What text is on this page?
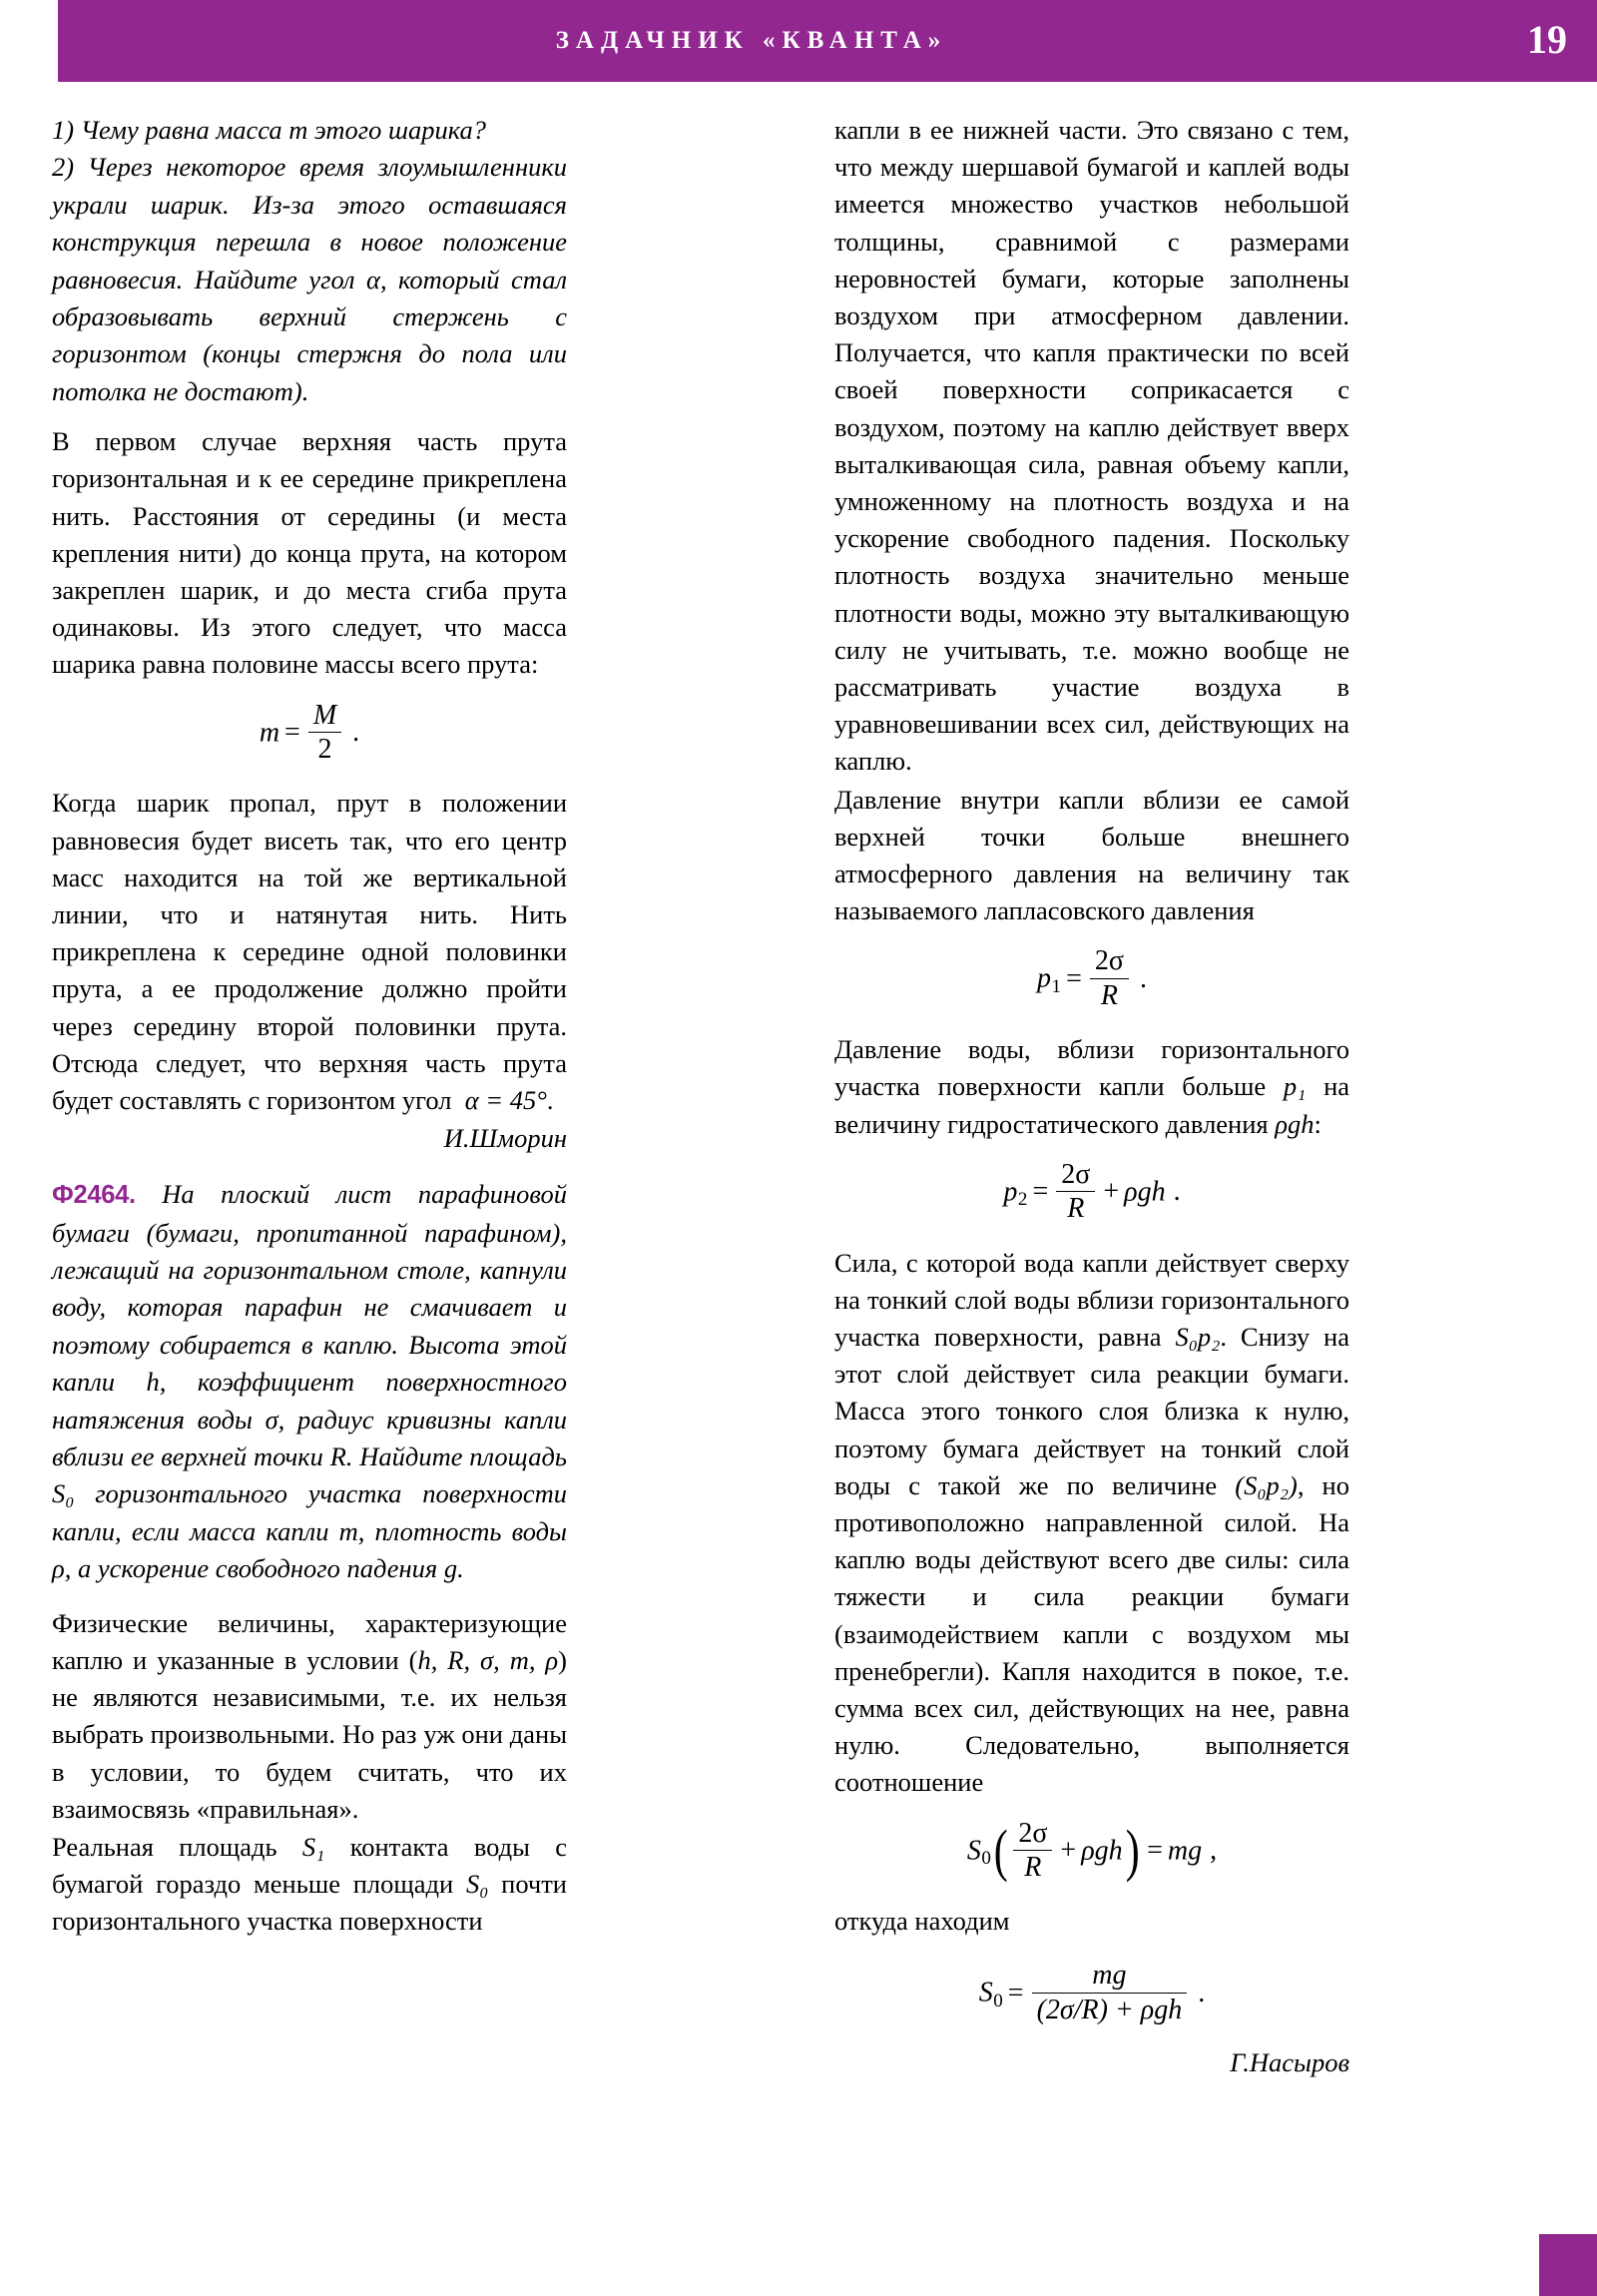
ЗАДАЧНИК «КВАНТА»	19

1) Чему равна масса m этого шарика?

2) Через некоторое время злоумышленники украли шарик. Из-за этого оставшаяся конструкция перешла в новое положение равновесия. Найдите угол α, который стал образовывать верхний стержень с горизонтом (концы стержня до пола или потолка не достают).

В первом случае верхняя часть прута горизонтальная и к ее середине прикреплена нить. Расстояния от середины (и места крепления нити) до конца прута, на котором закреплен шарик, и до места сгиба прута одинаковы. Из этого следует, что масса шарика равна половине массы всего прута:

$m = \frac{M}{2}$ .

Когда шарик пропал, прут в положении равновесия будет висеть так, что его центр масс находится на той же вертикальной линии, что и натянутая нить. Нить прикреплена к середине одной половинки прута, а ее продолжение должно пройти через середину второй половинки прута. Отсюда следует, что верхняя часть прута будет составлять с горизонтом угол α = 45°.

И.Шморин

Ф2464. На плоский лист парафиновой бумаги (бумаги, пропитанной парафином), лежащий на горизонтальном столе, капнули воду, которая парафин не смачивает и поэтому собирается в каплю. Высота этой капли h, коэффициент поверхностного натяжения воды σ, радиус кривизны капли вблизи ее верхней точки R. Найдите площадь S₀ горизонтального участка поверхности капли, если масса капли m, плотность воды ρ, а ускорение свободного падения g.

Физические величины, характеризующие каплю и указанные в условии (h, R, σ, m, ρ) не являются независимыми, т.е. их нельзя выбрать произвольными. Но раз уж они даны в условии, то будем считать, что их взаимосвязь «правильная».

Реальная площадь S₁ контакта воды с бумагой гораздо меньше площади S₀ почти горизонтального участка поверхности

капли в ее нижней части. Это связано с тем, что между шершавой бумагой и каплей воды имеется множество участков небольшой толщины, сравнимой с размерами неровностей бумаги, которые заполнены воздухом при атмосферном давлении. Получается, что капля практически по всей своей поверхности соприкасается с воздухом, поэтому на каплю действует вверх выталкивающая сила, равная объему капли, умноженному на плотность воздуха и на ускорение свободного падения. Поскольку плотность воздуха значительно меньше плотности воды, можно эту выталкивающую силу не учитывать, т.е. можно вообще не рассматривать участие воздуха в уравновешивании всех сил, действующих на каплю.

Давление внутри капли вблизи ее самой верхней точки больше внешнего атмосферного давления на величину так называемого лапласовского давления

$p_1 = \frac{2\sigma}{R}$ .

Давление воды, вблизи горизонтального участка поверхности капли больше p₁ на величину гидростатического давления ρgh:

$p_2 = \frac{2\sigma}{R} + \rho gh$ .

Сила, с которой вода капли действует сверху на тонкий слой воды вблизи горизонтального участка поверхности, равна S₀p₂. Снизу на этот слой действует сила реакции бумаги. Масса этого тонкого слоя близка к нулю, поэтому бумага действует на тонкий слой воды с такой же по величине (S₀p₂), но противоположно направленной силой. На каплю воды действуют всего две силы: сила тяжести и сила реакции бумаги (взаимодействием капли с воздухом мы пренебрегли). Капля находится в покое, т.е. сумма всех сил, действующих на нее, равна нулю. Следовательно, выполняется соотношение

$S_0( \frac{2\sigma}{R} + \rho gh)$ = mg ,

откуда находим

$S_0 = \frac{mg}{\text{(2σ/R) + ρgh}}$ .

Г.Насыров
